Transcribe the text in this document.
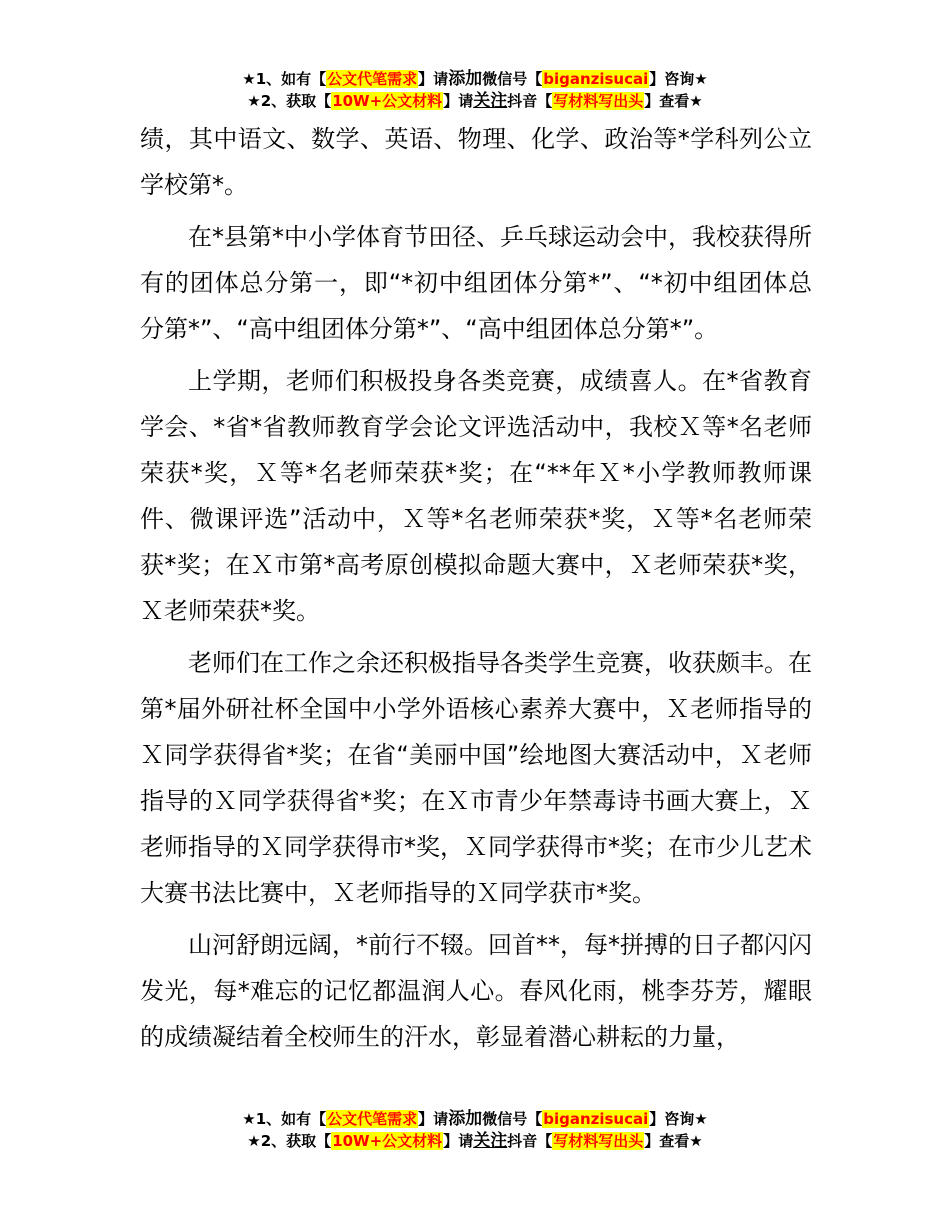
★1、如有【公文代笔需求】请添加微信号【biganzisucai】咨询★
★2、获取【10W+公文材料】请关注抖音【写材料写出头】查看★

绩，其中语文、数学、英语、物理、化学、政治等*学科列公立学校第*。

在*县第*中小学体育节田径、乒乓球运动会中，我校获得所有的团体总分第一，即“*初中组团体分第*”、“*初中组团体总分第*”、“高中组团体分第*”、“高中组团体总分第*”。

上学期，老师们积极投身各类竞赛，成绩喜人。在*省教育学会、*省*省教师教育学会论文评选活动中，我校Ｘ等*名老师荣获*奖，Ｘ等*名老师荣获*奖；在“**年Ｘ*小学教师教师课件、微课评选”活动中，Ｘ等*名老师荣获*奖，Ｘ等*名老师荣获*奖；在Ｘ市第*高考原创模拟命题大赛中，Ｘ老师荣获*奖，Ｘ老师荣获*奖。

老师们在工作之余还积极指导各类学生竞赛，收获颇丰。在第*届外研社杯全国中小学外语核心素养大赛中，Ｘ老师指导的Ｘ同学获得省*奖；在省“美丽中国”绘地图大赛活动中，Ｘ老师指导的Ｘ同学获得省*奖；在Ｘ市青少年禁毒诗书画大赛上，Ｘ老师指导的Ｘ同学获得市*奖，Ｘ同学获得市*奖；在市少儿艺术大赛书法比赛中，Ｘ老师指导的Ｘ同学获市*奖。

山河舒朗远阔，*前行不辍。回首**，每*拼搏的日子都闪闪发光，每*难忘的记忆都温润人心。春风化雨，桃李芬芳，耀眼的成绩凝结着全校师生的汗水，彰显着潜心耕耘的力量，

★1、如有【公文代笔需求】请添加微信号【biganzisucai】咨询★
★2、获取【10W+公文材料】请关注抖音【写材料写出头】查看★
